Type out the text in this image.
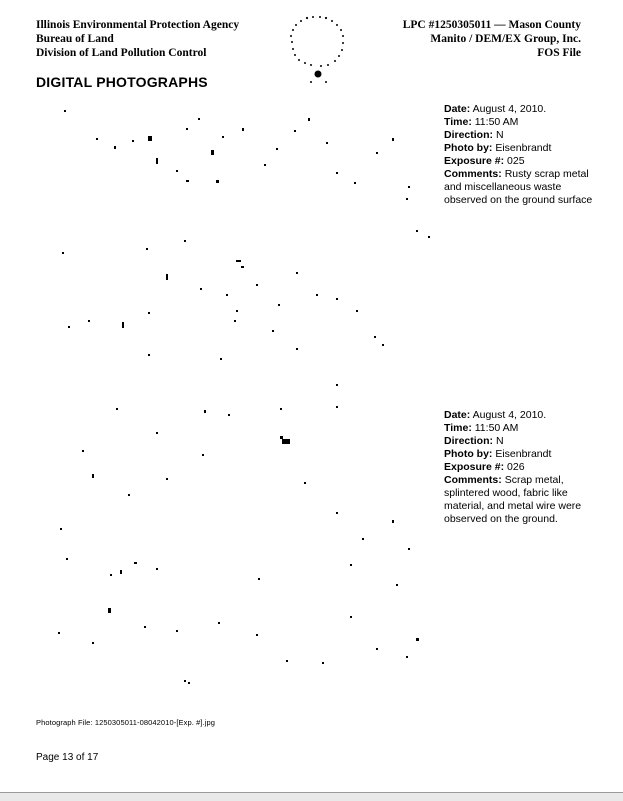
Illinois Environmental Protection Agency
Bureau of Land
Division of Land Pollution Control
LPC #1250305011 — Mason County
Manito / DEM/EX Group, Inc.
FOS File
DIGITAL PHOTOGRAPHS
Date: August 4, 2010.
Time: 11:50 AM
Direction: N
Photo by: Eisenbrandt
Exposure #: 025
Comments: Rusty scrap metal and miscellaneous waste observed on the ground surface
Date: August 4, 2010.
Time: 11:50 AM
Direction: N
Photo by: Eisenbrandt
Exposure #: 026
Comments: Scrap metal, splintered wood, fabric like material, and metal wire were observed on the ground.
Photograph File: 1250305011-08042010-[Exp. #].jpg
Page 13 of 17
